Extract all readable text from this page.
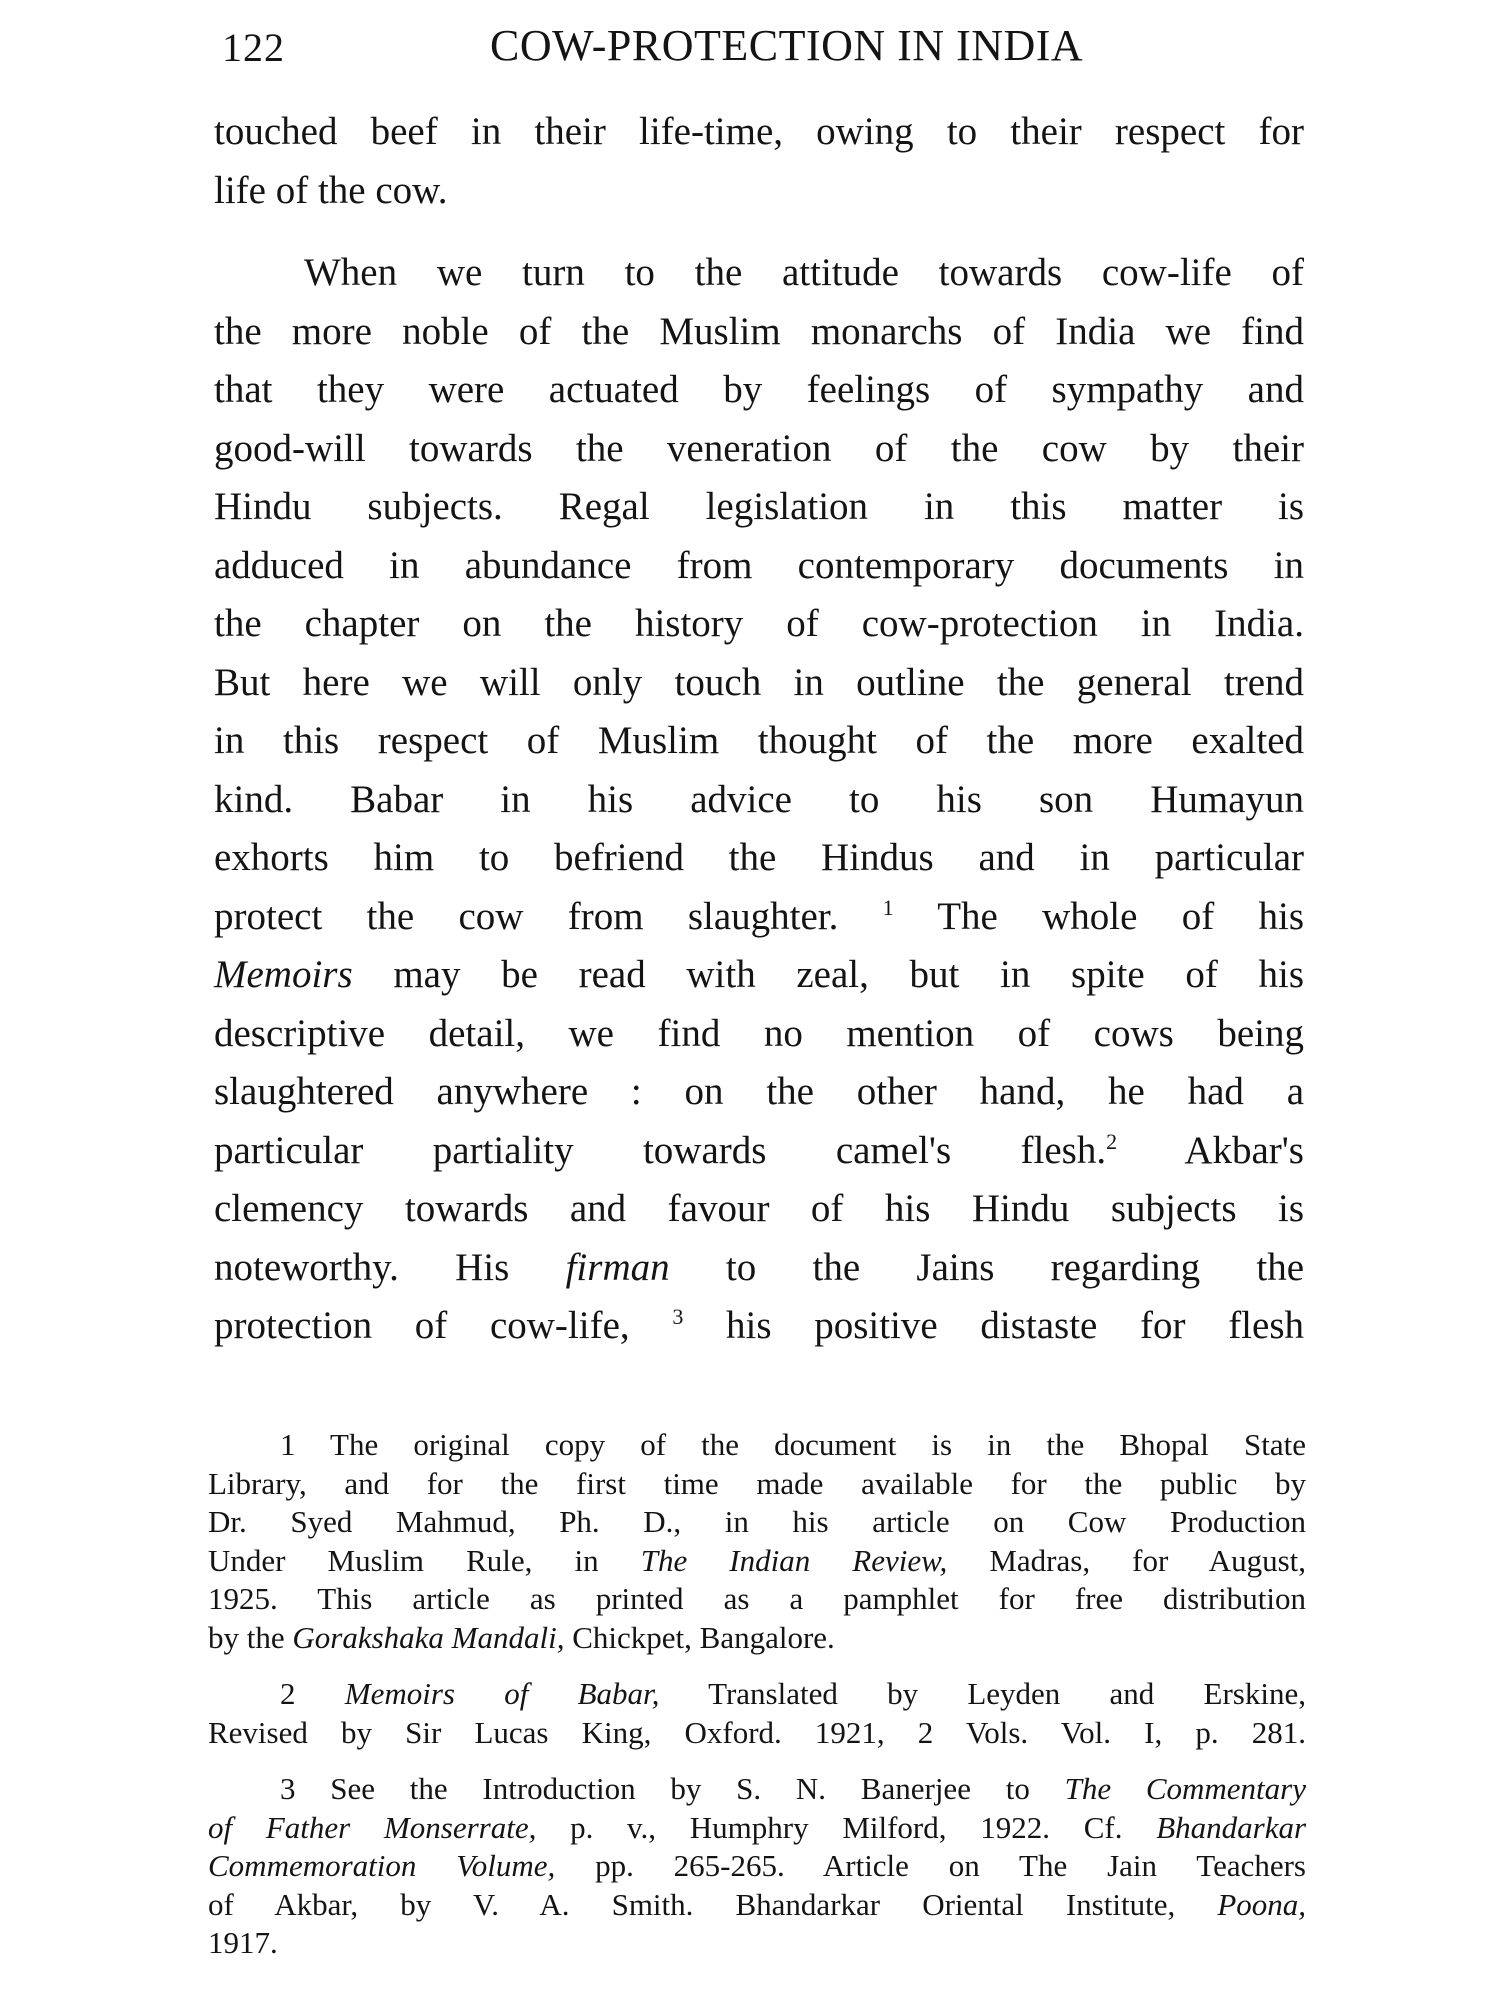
122	COW-PROTECTION IN INDIA
touched beef in their life-time, owing to their respect for
life of the cow.
When we turn to the attitude towards cow-life of
the more noble of the Muslim monarchs of India we find
that they were actuated by feelings of sympathy and
good-will towards the veneration of the cow by their
Hindu subjects. Regal legislation in this matter is
adduced in abundance from contemporary documents in
the chapter on the history of cow-protection in India.
But here we will only touch in outline the general trend
in this respect of Muslim thought of the more exalted
kind. Babar in his advice to his son Humayun
exhorts him to befriend the Hindus and in particular
protect the cow from slaughter. $^1$ The whole of his
Memoirs may be read with zeal, but in spite of his
descriptive detail, we find no mention of cows being
slaughtered anywhere : on the other hand, he had a
particular partiality towards camel's flesh.$^2$ Akbar's
clemency towards and favour of his Hindu subjects is
noteworthy. His firman to the Jains regarding the
protection of cow-life, $^3$ his positive distaste for flesh
1 The original copy of the document is in the Bhopal State
Library, and for the first time made available for the public by
Dr. Syed Mahmud, Ph. D., in his article on Cow Production
Under Muslim Rule, in The Indian Review, Madras, for August,
1925. This article as printed as a pamphlet for free distribution
by the Gorakshaka Mandali, Chickpet, Bangalore.
2 Memoirs of Babar, Translated by Leyden and Erskine,
Revised by Sir Lucas King, Oxford. 1921, 2 Vols. Vol. I, p. 281.
3 See the Introduction by S. N. Banerjee to The Commentary
of Father Monserrate, p. v., Humphry Milford, 1922. Cf. Bhandarkar
Commemoration Volume, pp. 265-265. Article on The Jain Teachers
of Akbar, by V. A. Smith. Bhandarkar Oriental Institute, Poona,
1917.
